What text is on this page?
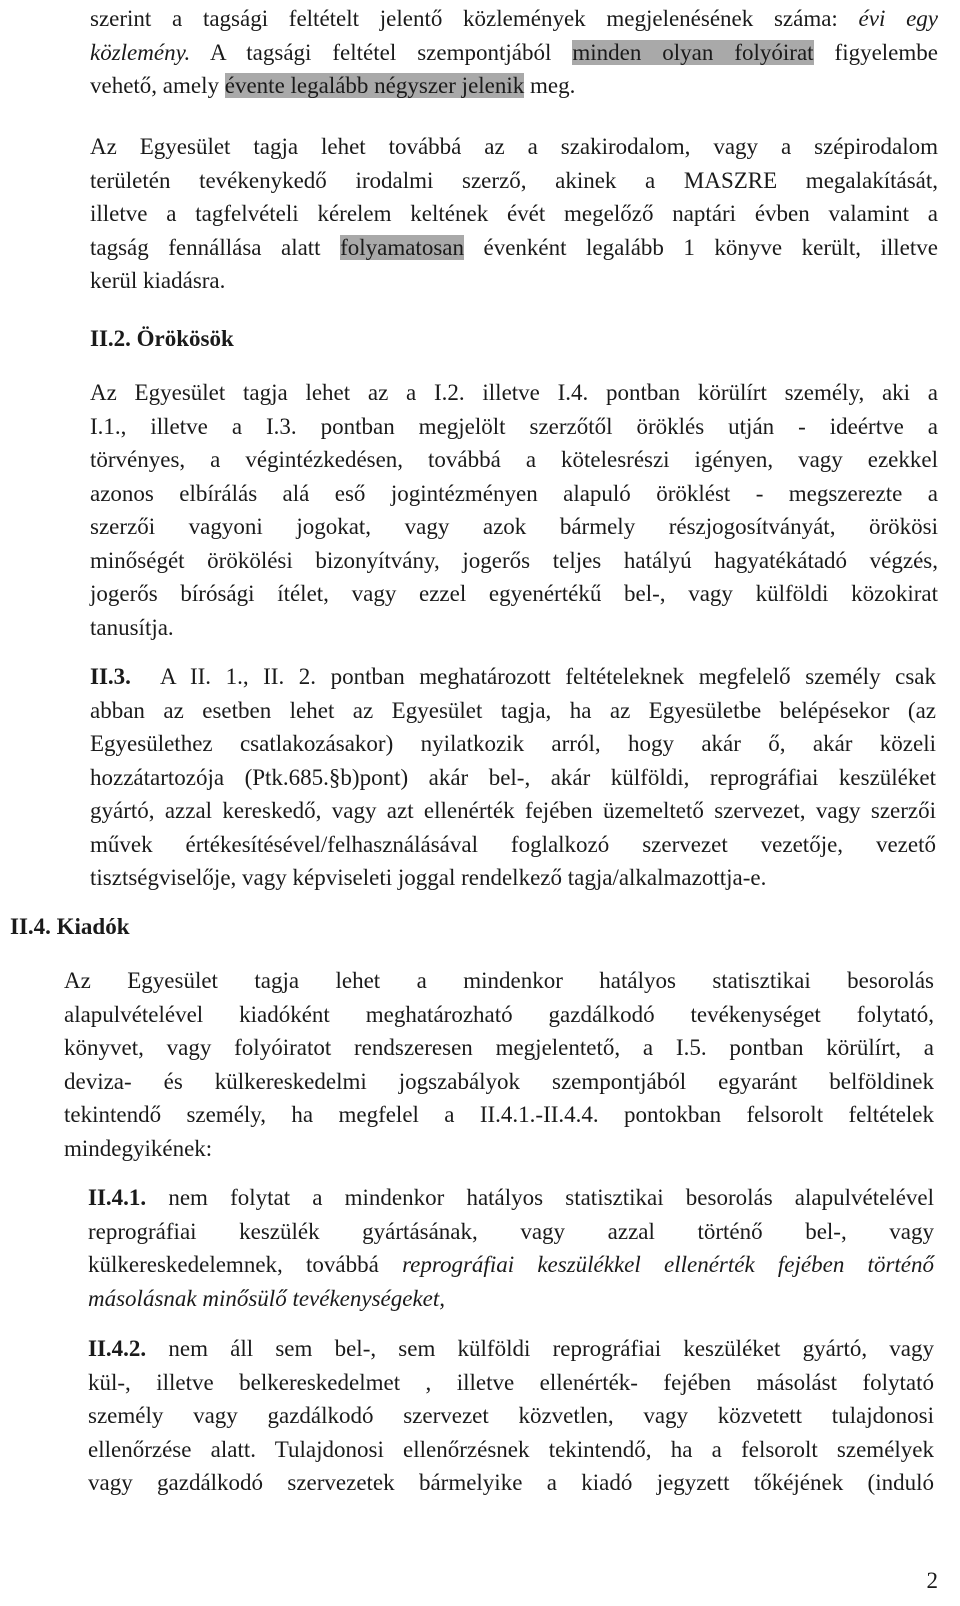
szerint a tagsági feltételt jelentő közlemények megjelenésének száma: évi egy
közlemény. A tagsági feltétel szempontjából minden olyan folyóirat figyelembe
vehető, amely évente legalább négyszer jelenik meg.
Az Egyesület tagja lehet továbbá az a szakirodalom, vagy a szépirodalom
területén tevékenykedő irodalmi szerző, akinek a MASZRE megalakítását,
illetve a tagfelvételi kérelem keltének évét megelőző naptári évben valamint a
tagság fennállása alatt folyamatosan évenként legalább 1 könyve került, illetve
kerül kiadásra.
II.2. Örökösök
Az Egyesület tagja lehet az a I.2. illetve I.4. pontban körülírt személy, aki a
I.1., illetve a I.3. pontban megjelölt szerzőtől öröklés utján - ideértve a
törvényes, a végintézkedésen, továbbá a kötelesrészi igényen, vagy ezekkel
azonos elbírálás alá eső jogintézményen alapuló öröklést - megszerezte a
szerzői vagyoni jogokat, vagy azok bármely részjogosítványát, örökösi
minőségét örökölési bizonyítvány, jogerős teljes hatályú hagyatékátadó végzés,
jogerős bírósági ítélet, vagy ezzel egyenértékű bel-, vagy külföldi közokirat
tanusítja.
II.3. A II. 1., II. 2. pontban meghatározott feltételeknek megfelelő személy csak
abban az esetben lehet az Egyesület tagja, ha az Egyesületbe belépésekor (az
Egyesülethez csatlakozásakor) nyilatkozik arról, hogy akár ő, akár közeli
hozzátartozója (Ptk.685.§b)pont) akár bel-, akár külföldi, reprográfiai keszüléket
gyártó, azzal kereskedő, vagy azt ellenérték fejében üzemeltető szervezet, vagy szerzői
művek értékesítésével/felhasználásával foglalkozó szervezet vezetője, vezető
tisztségviselője, vagy képviseleti joggal rendelkező tagja/alkalmazottja-e.
II.4. Kiadók
Az Egyesület tagja lehet a mindenkor hatályos statisztikai besorolás
alapulvételével kiadóként meghatározható gazdálkodó tevékenységet folytató,
könyvet, vagy folyóiratot rendszeresen megjelentető, a I.5. pontban körülírt, a
deviza- és külkereskedelmi jogszabályok szempontjából egyaránt belföldinek
tekintendő személy, ha megfelel a II.4.1.-II.4.4. pontokban felsorolt feltételek
mindegyikének:
II.4.1. nem folytat a mindenkor hatályos statisztikai besorolás alapulvételével
reprográfiai keszülék gyártásának, vagy azzal történő bel-, vagy
külkereskedelemnek, továbbá reprográfiai keszülékkel ellenérték fejében történő
másolásnak minősülő tevékenységeket,
II.4.2. nem áll sem bel-, sem külföldi reprográfiai keszüléket gyártó, vagy
kül-, illetve belkereskedelmet , illetve ellenérték- fejében másolást folytató
személy vagy gazdálkodó szervezet közvetlen, vagy közvetett tulajdonosi
ellenőrzése alatt. Tulajdonosi ellenőrzésnek tekintendő, ha a felsorolt személyek
vagy gazdálkodó szervezetek bármelyike a kiadó jegyzett tőkéjének (induló
2
